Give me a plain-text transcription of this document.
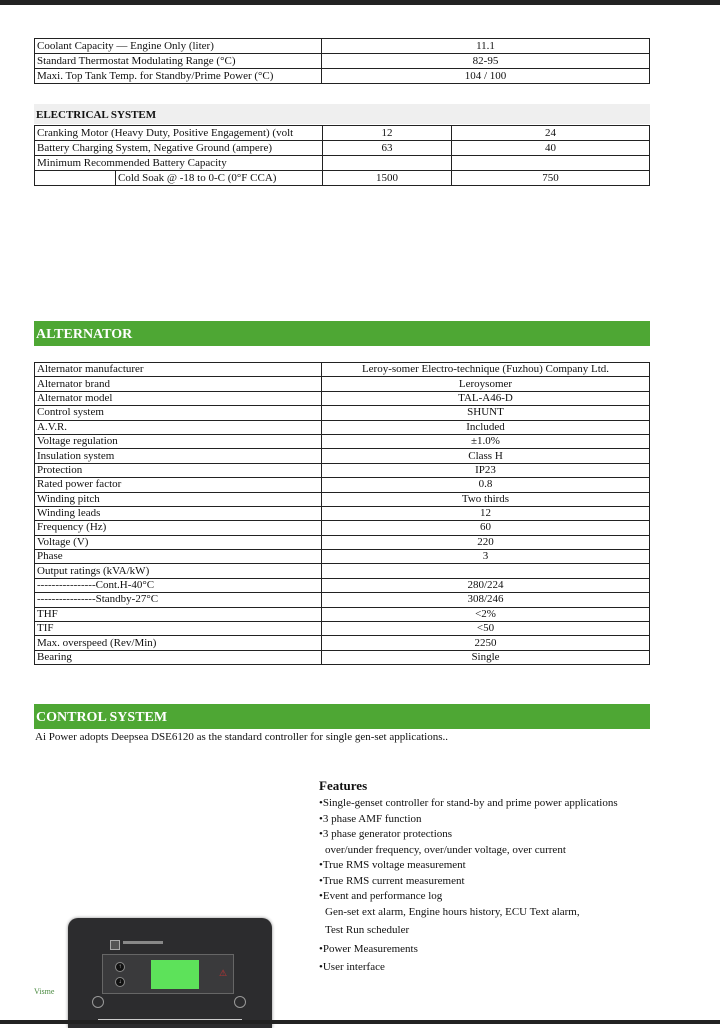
Coolant Capacity — Engine Only (liter)	11.1
Standard Thermostat Modulating Range (°C)	82-95
Maxi. Top Tank Temp. for Standby/Prime Power (°C)	104 / 100
ELECTRICAL SYSTEM
Cranking Motor (Heavy Duty, Positive Engagement) (volt		12	24
Battery Charging System, Negative Ground (ampere)		63	40
Minimum Recommended Battery Capacity			
	Cold Soak @ -18 to 0-C (0°F CCA)	1500	750
ALTERNATOR
Alternator manufacturer	Leroy-somer Electro-technique (Fuzhou) Company Ltd.
Alternator brand	Leroysomer
Alternator model	TAL-A46-D
Control system	SHUNT
A.V.R.	Included
Voltage regulation	±1.0%
Insulation system	Class H
Protection	IP23
Rated power factor	0.8
Winding pitch	Two thirds
Winding leads	12
Frequency (Hz)	60
Voltage (V)	220
Phase	3
Output ratings (kVA/kW)	
----------------Cont.H-40°C	280/224
----------------Standby-27°C	308/246
THF	<2%
TIF	<50
Max. overspeed (Rev/Min)	2250
Bearing	Single
CONTROL SYSTEM
Ai Power adopts Deepsea DSE6120 as the standard controller for single gen-set applications..
Features
•Single-genset controller for stand-by and prime power applications
•3 phase AMF function
•3 phase generator protections
over/under frequency, over/under voltage, over current
•True RMS voltage measurement
•True RMS current measurement
•Event and performance log
Gen-set ext alarm, Engine hours history, ECU Text alarm,
Test Run scheduler
•Power Measurements
•User interface
Visme
↑
↓
⚠
